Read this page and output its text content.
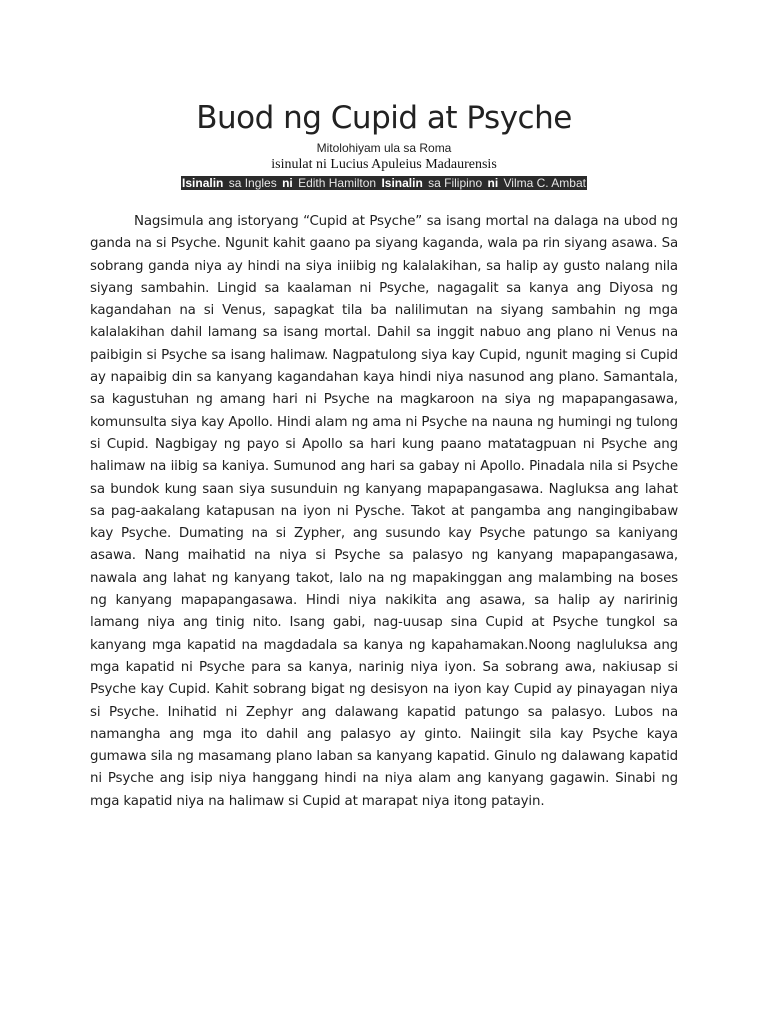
Buod ng Cupid at Psyche
Mitolohiyam ula sa Roma
isinulat ni Lucius Apuleius Madaurensis
Isinalin sa Ingles ni Edith Hamilton Isinalin sa Filipino ni Vilma C. Ambat

Nagsimula ang istoryang “Cupid at Psyche” sa isang mortal na dalaga na ubod ng ganda na si Psyche. Ngunit kahit gaano pa siyang kaganda, wala pa rin siyang asawa. Sa sobrang ganda niya ay hindi na siya iniibig ng kalalakihan, sa halip ay gusto nalang nila siyang sambahin. Lingid sa kaalaman ni Psyche, nagagalit sa kanya ang Diyosa ng kagandahan na si Venus, sapagkat tila ba nalilimutan na siyang sambahin ng mga kalalakihan dahil lamang sa isang mortal. Dahil sa inggit nabuo ang plano ni Venus na paibigin si Psyche sa isang halimaw. Nagpatulong siya kay Cupid, ngunit maging si Cupid ay napaibig din sa kanyang kagandahan kaya hindi niya nasunod ang plano. Samantala, sa kagustuhan ng amang hari ni Psyche na magkaroon na siya ng mapapangasawa, komunsulta siya kay Apollo. Hindi alam ng ama ni Psyche na nauna ng humingi ng tulong si Cupid. Nagbigay ng payo si Apollo sa hari kung paano matatagpuan ni Psyche ang halimaw na iibig sa kaniya. Sumunod ang hari sa gabay ni Apollo. Pinadala nila si Psyche sa bundok kung saan siya susunduin ng kanyang mapapangasawa. Nagluksa ang lahat sa pag-aakalang katapusan na iyon ni Pysche. Takot at pangamba ang nangingibabaw kay Psyche. Dumating na si Zypher, ang susundo kay Psyche patungo sa kaniyang asawa. Nang maihatid na niya si Psyche sa palasyo ng kanyang mapapangasawa, nawala ang lahat ng kanyang takot, lalo na ng mapakinggan ang malambing na boses ng kanyang mapapangasawa. Hindi niya nakikita ang asawa, sa halip ay naririnig lamang niya ang tinig nito. Isang gabi, nag-uusap sina Cupid at Psyche tungkol sa kanyang mga kapatid na magdadala sa kanya ng kapahamakan.Noong nagluluksa ang mga kapatid ni Psyche para sa kanya, narinig niya iyon. Sa sobrang awa, nakiusap si Psyche kay Cupid. Kahit sobrang bigat ng desisyon na iyon kay Cupid ay pinayagan niya si Psyche. Inihatid ni Zephyr ang dalawang kapatid patungo sa palasyo. Lubos na namangha ang mga ito dahil ang palasyo ay ginto. Naiingit sila kay Psyche kaya gumawa sila ng masamang plano laban sa kanyang kapatid. Ginulo ng dalawang kapatid ni Psyche ang isip niya hanggang hindi na niya alam ang kanyang gagawin. Sinabi ng mga kapatid niya na halimaw si Cupid at marapat niya itong patayin.
